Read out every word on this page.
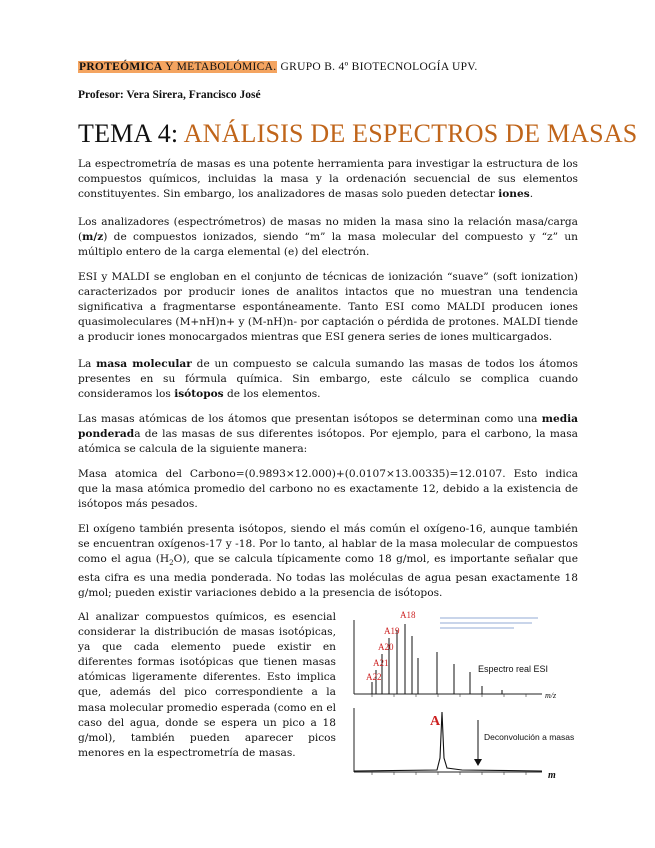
PROTEÓMICA Y METABOLÓMICA. GRUPO B. 4º BIOTECNOLOGÍA UPV.
Profesor: Vera Sirera, Francisco José
TEMA 4: ANÁLISIS DE ESPECTROS DE MASAS

La espectrometría de masas es una potente herramienta para investigar la estructura de los compuestos químicos, incluidas la masa y la ordenación secuencial de sus elementos constituyentes. Sin embargo, los analizadores de masas solo pueden detectar iones.

Los analizadores (espectrómetros) de masas no miden la masa sino la relación masa/carga (m/z) de compuestos ionizados, siendo “m” la masa molecular del compuesto y “z” un múltiplo entero de la carga elemental (e) del electrón.

ESI y MALDI se engloban en el conjunto de técnicas de ionización “suave” (soft ionization) caracterizados por producir iones de analitos intactos que no muestran una tendencia significativa a fragmentarse espontáneamente. Tanto ESI como MALDI producen iones quasimoleculares (M+nH)n+ y (M-nH)n- por captación o pérdida de protones. MALDI tiende a producir iones monocargados mientras que ESI genera series de iones multicargados.

La masa molecular de un compuesto se calcula sumando las masas de todos los átomos presentes en su fórmula química. Sin embargo, este cálculo se complica cuando consideramos los isótopos de los elementos.

Las masas atómicas de los átomos que presentan isótopos se determinan como una media ponderada de las masas de sus diferentes isótopos. Por ejemplo, para el carbono, la masa atómica se calcula de la siguiente manera:

Masa atomica del Carbono=(0.9893×12.000)+(0.0107×13.00335)=12.0107. Esto indica que la masa atómica promedio del carbono no es exactamente 12, debido a la existencia de isótopos más pesados.

El oxígeno también presenta isótopos, siendo el más común el oxígeno-16, aunque también se encuentran oxígenos-17 y -18. Por lo tanto, al hablar de la masa molecular de compuestos como el agua $(H_2O)$, que se calcula típicamente como 18 g/mol, es importante señalar que esta cifra es una media ponderada. No todas las moléculas de agua pesan exactamente 18 g/mol; pueden existir variaciones debido a la presencia de isótopos.

Al analizar compuestos químicos, es esencial considerar la distribución de masas isotópicas, ya que cada elemento puede existir en diferentes formas isotópicas que tienen masas atómicas ligeramente diferentes. Esto implica que, además del pico correspondiente a la masa molecular promedio esperada (como en el caso del agua, donde se espera un pico a 18 g/mol), también pueden aparecer picos menores en la espectrometría de masas.

A22
A21
A20
A19
A18
Espectro real ESI
m/z
A
Deconvolución a masas
m
